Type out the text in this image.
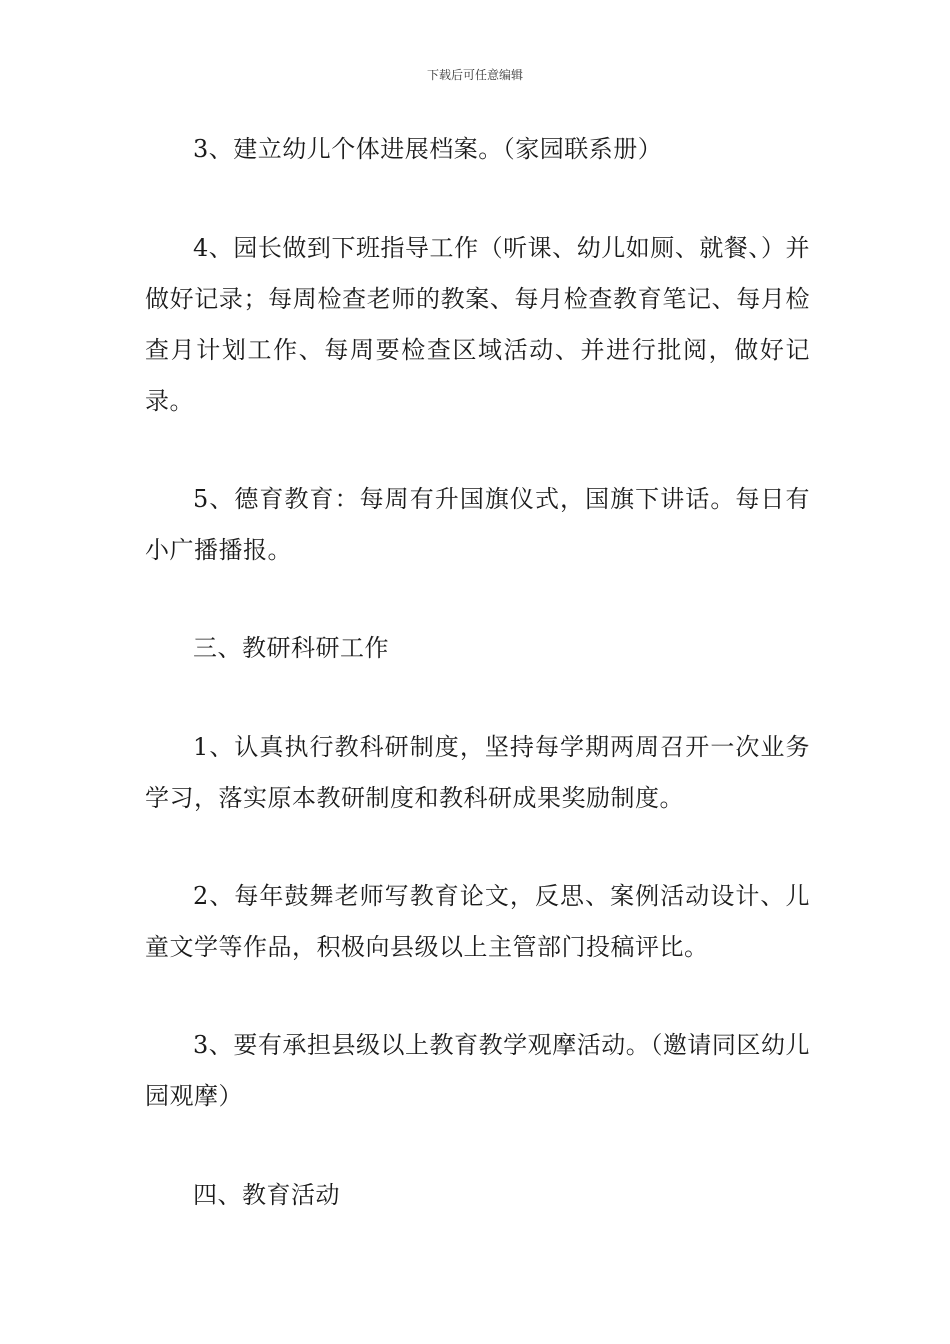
下载后可任意编辑

3、建立幼儿个体进展档案。（家园联系册）

4、园长做到下班指导工作（听课、幼儿如厕、就餐、）并做好记录；每周检查老师的教案、每月检查教育笔记、每月检查月计划工作、每周要检查区域活动、并进行批阅，做好记录。

5、德育教育：每周有升国旗仪式，国旗下讲话。每日有小广播播报。

三、教研科研工作

1、认真执行教科研制度，坚持每学期两周召开一次业务学习，落实原本教研制度和教科研成果奖励制度。

2、每年鼓舞老师写教育论文，反思、案例活动设计、儿童文学等作品，积极向县级以上主管部门投稿评比。

3、要有承担县级以上教育教学观摩活动。（邀请同区幼儿园观摩）

四、教育活动
